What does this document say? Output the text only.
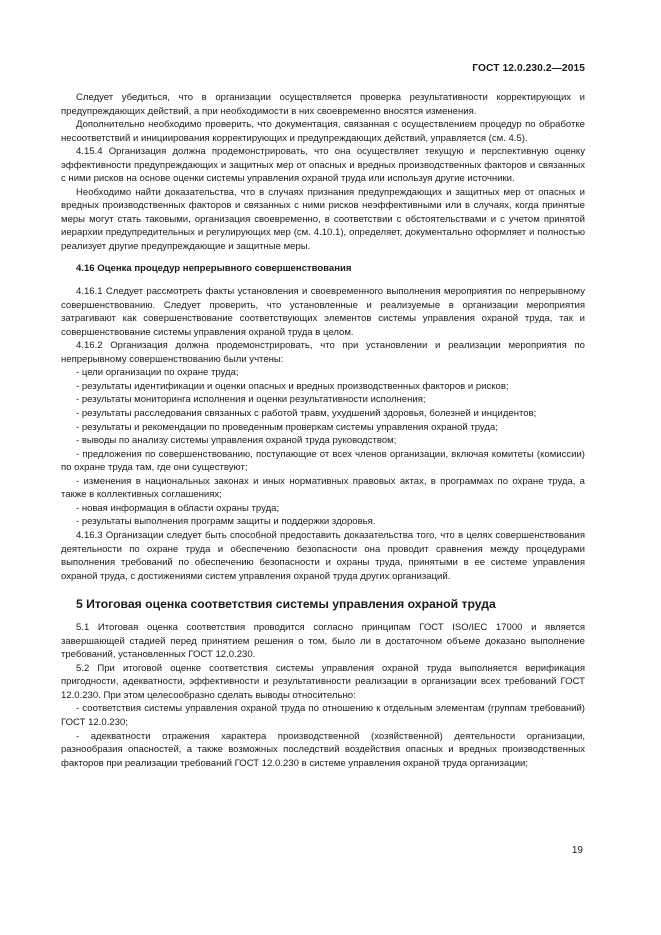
ГОСТ 12.0.230.2—2015

Следует убедиться, что в организации осуществляется проверка результативности корректирующих и предупреждающих действий, а при необходимости в них своевременно вносятся изменения.

Дополнительно необходимо проверить, что документация, связанная с осуществлением процедур по обработке несоответствий и инициирования корректирующих и предупреждающих действий, управляется (см. 4.5).

4.15.4 Организация должна продемонстрировать, что она осуществляет текущую и перспективную оценку эффективности предупреждающих и защитных мер от опасных и вредных производственных факторов и связанных с ними рисков на основе оценки системы управления охраной труда или используя другие источники.

Необходимо найти доказательства, что в случаях признания предупреждающих и защитных мер от опасных и вредных производственных факторов и связанных с ними рисков неэффективными или в случаях, когда принятые меры могут стать таковыми, организация своевременно, в соответствии с обстоятельствами и с учетом принятой иерархии предупредительных и регулирующих мер (см. 4.10.1), определяет, документально оформляет и полностью реализует другие предупреждающие и защитные меры.

4.16 Оценка процедур непрерывного совершенствования

4.16.1 Следует рассмотреть факты установления и своевременного выполнения мероприятия по непрерывному совершенствованию. Следует проверить, что установленные и реализуемые в организации мероприятия затрагивают как совершенствование соответствующих элементов системы управления охраной труда, так и совершенствование системы управления охраной труда в целом.

4.16.2 Организация должна продемонстрировать, что при установлении и реализации мероприятия по непрерывному совершенствованию были учтены:

- цели организации по охране труда;

- результаты идентификации и оценки опасных и вредных производственных факторов и рисков;

- результаты мониторинга исполнения и оценки результативности исполнения;

- результаты расследования связанных с работой травм, ухудшений здоровья, болезней и инцидентов;

- результаты и рекомендации по проведенным проверкам системы управления охраной труда;

- выводы по анализу системы управления охраной труда руководством;

- предложения по совершенствованию, поступающие от всех членов организации, включая комитеты (комиссии) по охране труда там, где они существуют;

- изменения в национальных законах и иных нормативных правовых актах, в программах по охране труда, а также в коллективных соглашениях;

- новая информация в области охраны труда;

- результаты выполнения программ защиты и поддержки здоровья.

4.16.3 Организации следует быть способной предоставить доказательства того, что в целях совершенствования деятельности по охране труда и обеспечению безопасности она проводит сравнения между процедурами выполнения требований по обеспечению безопасности и охраны труда, принятыми в ее системе управления охраной труда, с достижениями систем управления охраной труда других организаций.

5 Итоговая оценка соответствия системы управления охраной труда

5.1 Итоговая оценка соответствия проводится согласно принципам ГОСТ ISO/IEC 17000 и является завершающей стадией перед принятием решения о том, было ли в достаточном объеме доказано выполнение требований, установленных ГОСТ 12.0.230.

5.2 При итоговой оценке соответствия системы управления охраной труда выполняется верификация пригодности, адекватности, эффективности и результативности реализации в организации всех требований ГОСТ 12.0.230. При этом целесообразно сделать выводы относительно:

- соответствия системы управления охраной труда по отношению к отдельным элементам (группам требований) ГОСТ 12.0.230;

- адекватности отражения характера производственной (хозяйственной) деятельности организации, разнообразия опасностей, а также возможных последствий воздействия опасных и вредных производственных факторов при реализации требований ГОСТ 12.0.230 в системе управления охраной труда организации;

19
